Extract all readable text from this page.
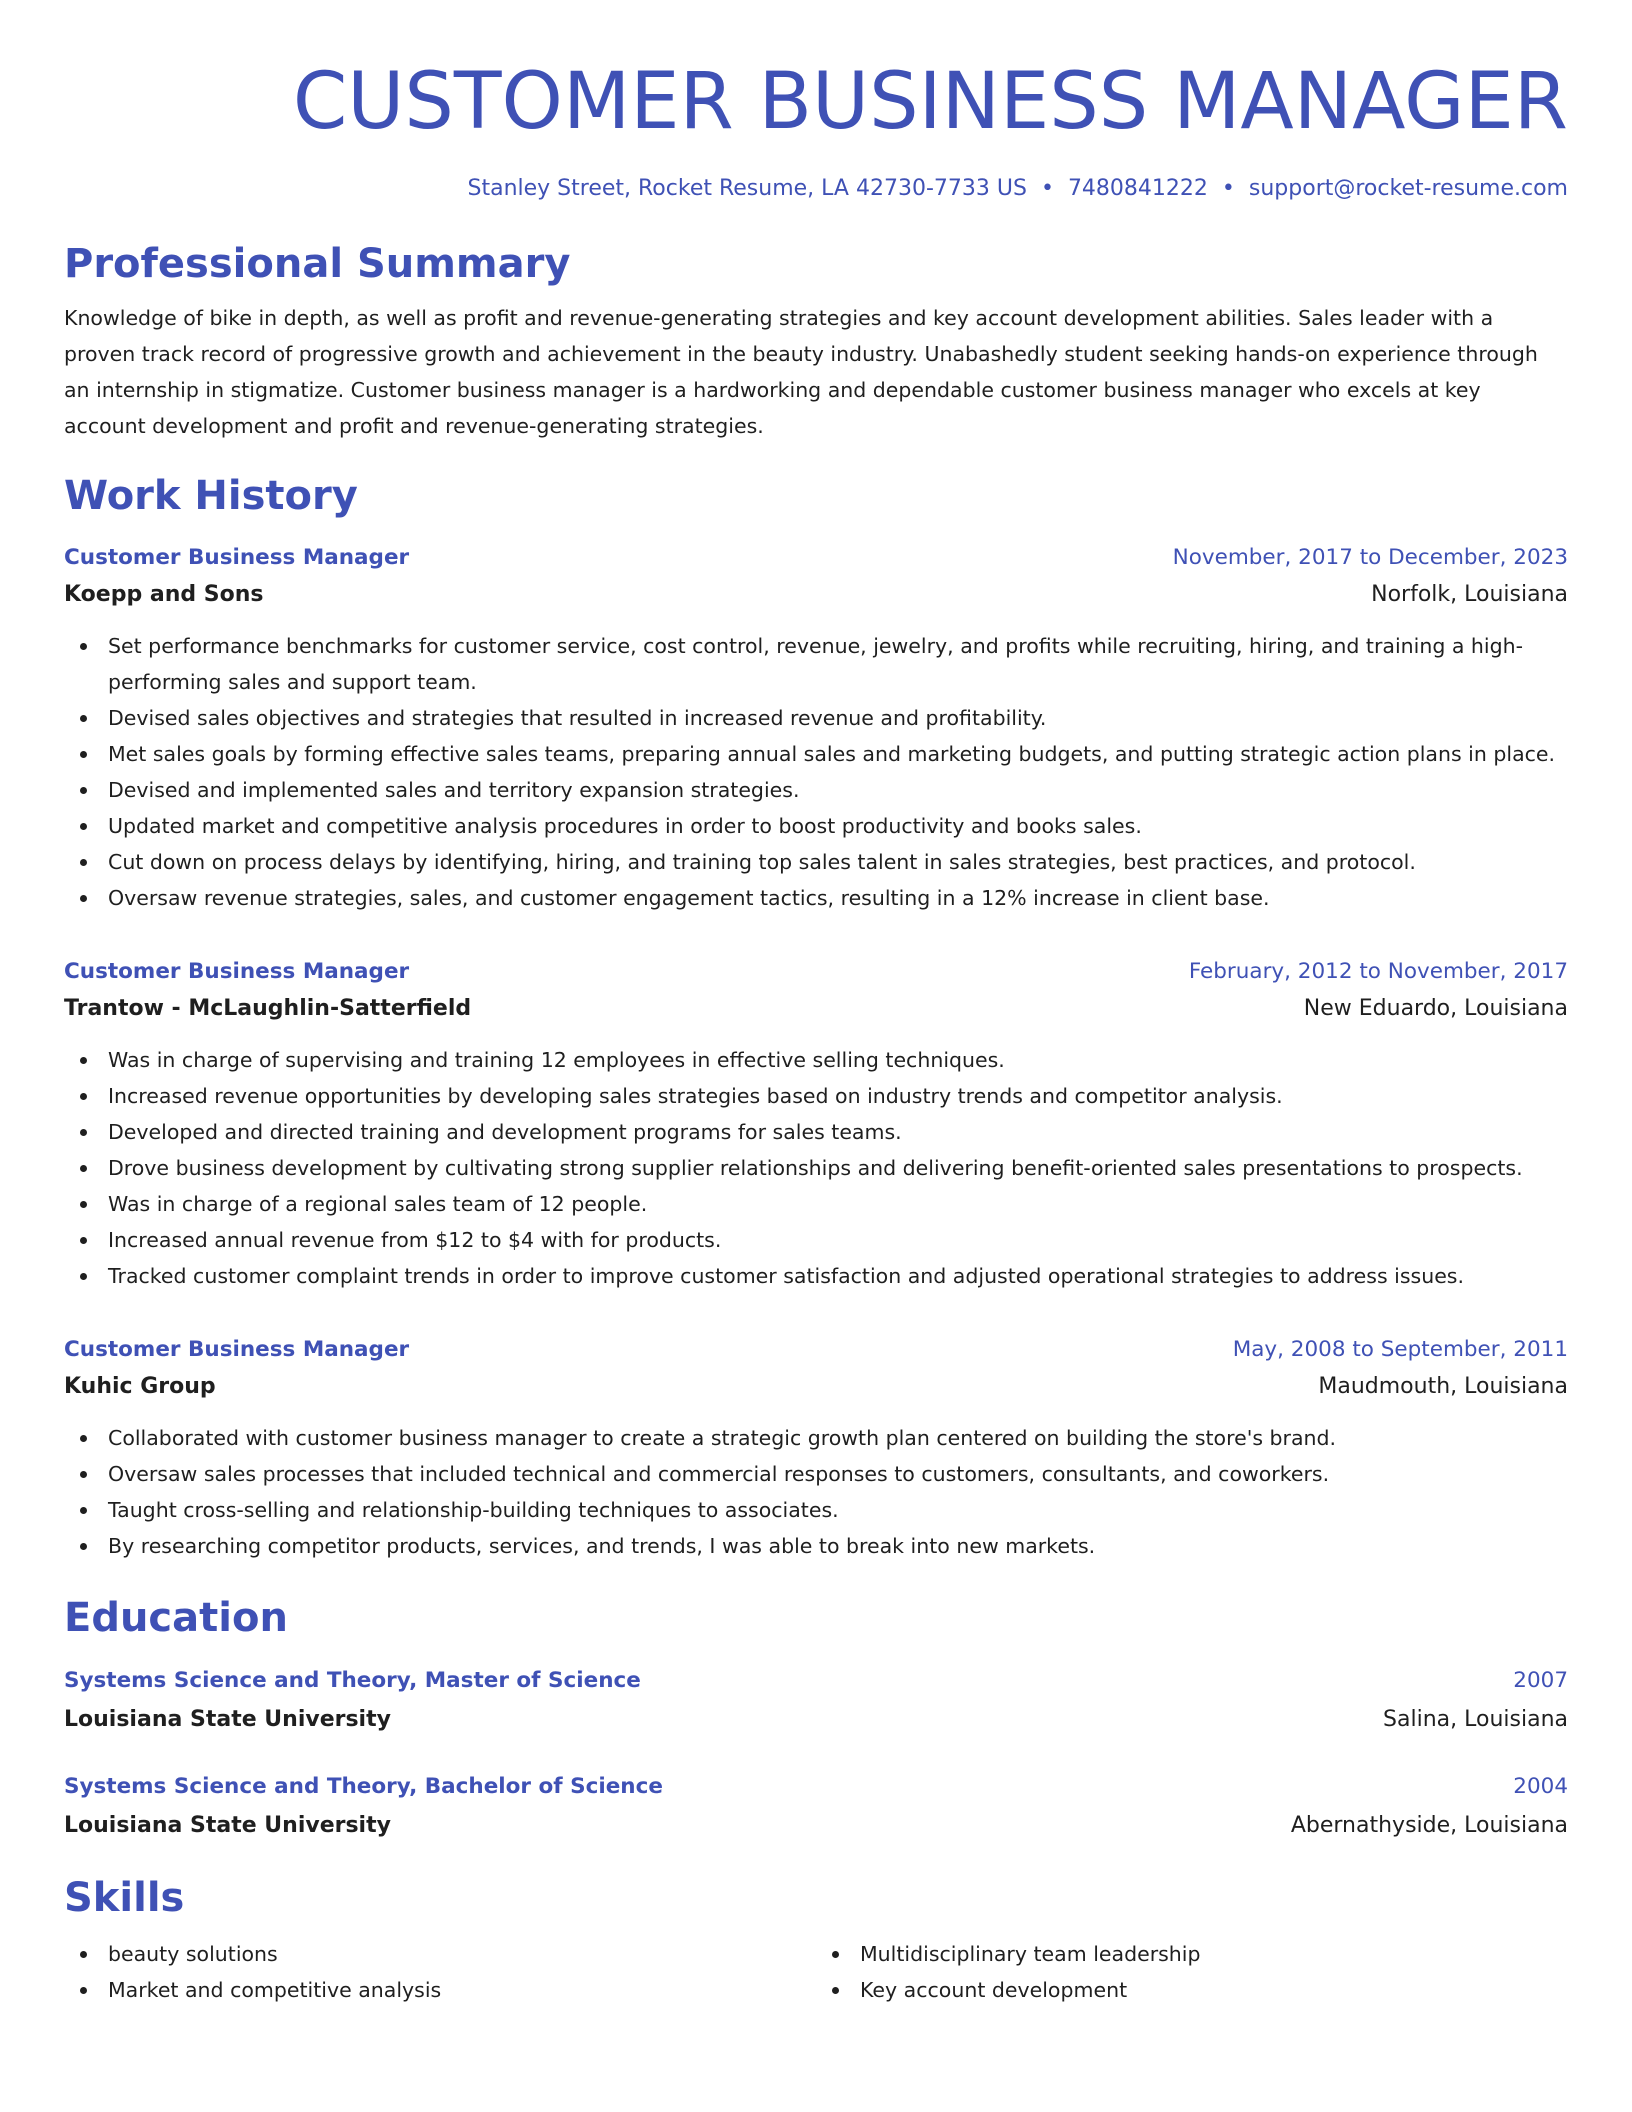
CUSTOMER BUSINESS MANAGER
Stanley Street, Rocket Resume, LA 42730-7733 US • 7480841222 • support@rocket-resume.com
Professional Summary
Knowledge of bike in depth, as well as profit and revenue-generating strategies and key account development abilities. Sales leader with a proven track record of progressive growth and achievement in the beauty industry. Unabashedly student seeking hands-on experience through an internship in stigmatize. Customer business manager is a hardworking and dependable customer business manager who excels at key account development and profit and revenue-generating strategies.
Work History
Customer Business Manager	November, 2017 to December, 2023
Koepp and Sons	Norfolk, Louisiana
Set performance benchmarks for customer service, cost control, revenue, jewelry, and profits while recruiting, hiring, and training a high-performing sales and support team.
Devised sales objectives and strategies that resulted in increased revenue and profitability.
Met sales goals by forming effective sales teams, preparing annual sales and marketing budgets, and putting strategic action plans in place.
Devised and implemented sales and territory expansion strategies.
Updated market and competitive analysis procedures in order to boost productivity and books sales.
Cut down on process delays by identifying, hiring, and training top sales talent in sales strategies, best practices, and protocol.
Oversaw revenue strategies, sales, and customer engagement tactics, resulting in a 12% increase in client base.
Customer Business Manager	February, 2012 to November, 2017
Trantow - McLaughlin-Satterfield	New Eduardo, Louisiana
Was in charge of supervising and training 12 employees in effective selling techniques.
Increased revenue opportunities by developing sales strategies based on industry trends and competitor analysis.
Developed and directed training and development programs for sales teams.
Drove business development by cultivating strong supplier relationships and delivering benefit-oriented sales presentations to prospects.
Was in charge of a regional sales team of 12 people.
Increased annual revenue from $12 to $4 with for products.
Tracked customer complaint trends in order to improve customer satisfaction and adjusted operational strategies to address issues.
Customer Business Manager	May, 2008 to September, 2011
Kuhic Group	Maudmouth, Louisiana
Collaborated with customer business manager to create a strategic growth plan centered on building the store's brand.
Oversaw sales processes that included technical and commercial responses to customers, consultants, and coworkers.
Taught cross-selling and relationship-building techniques to associates.
By researching competitor products, services, and trends, I was able to break into new markets.
Education
Systems Science and Theory, Master of Science	2007
Louisiana State University	Salina, Louisiana
Systems Science and Theory, Bachelor of Science	2004
Louisiana State University	Abernathyside, Louisiana
Skills
beauty solutions
Market and competitive analysis
Multidisciplinary team leadership
Key account development
